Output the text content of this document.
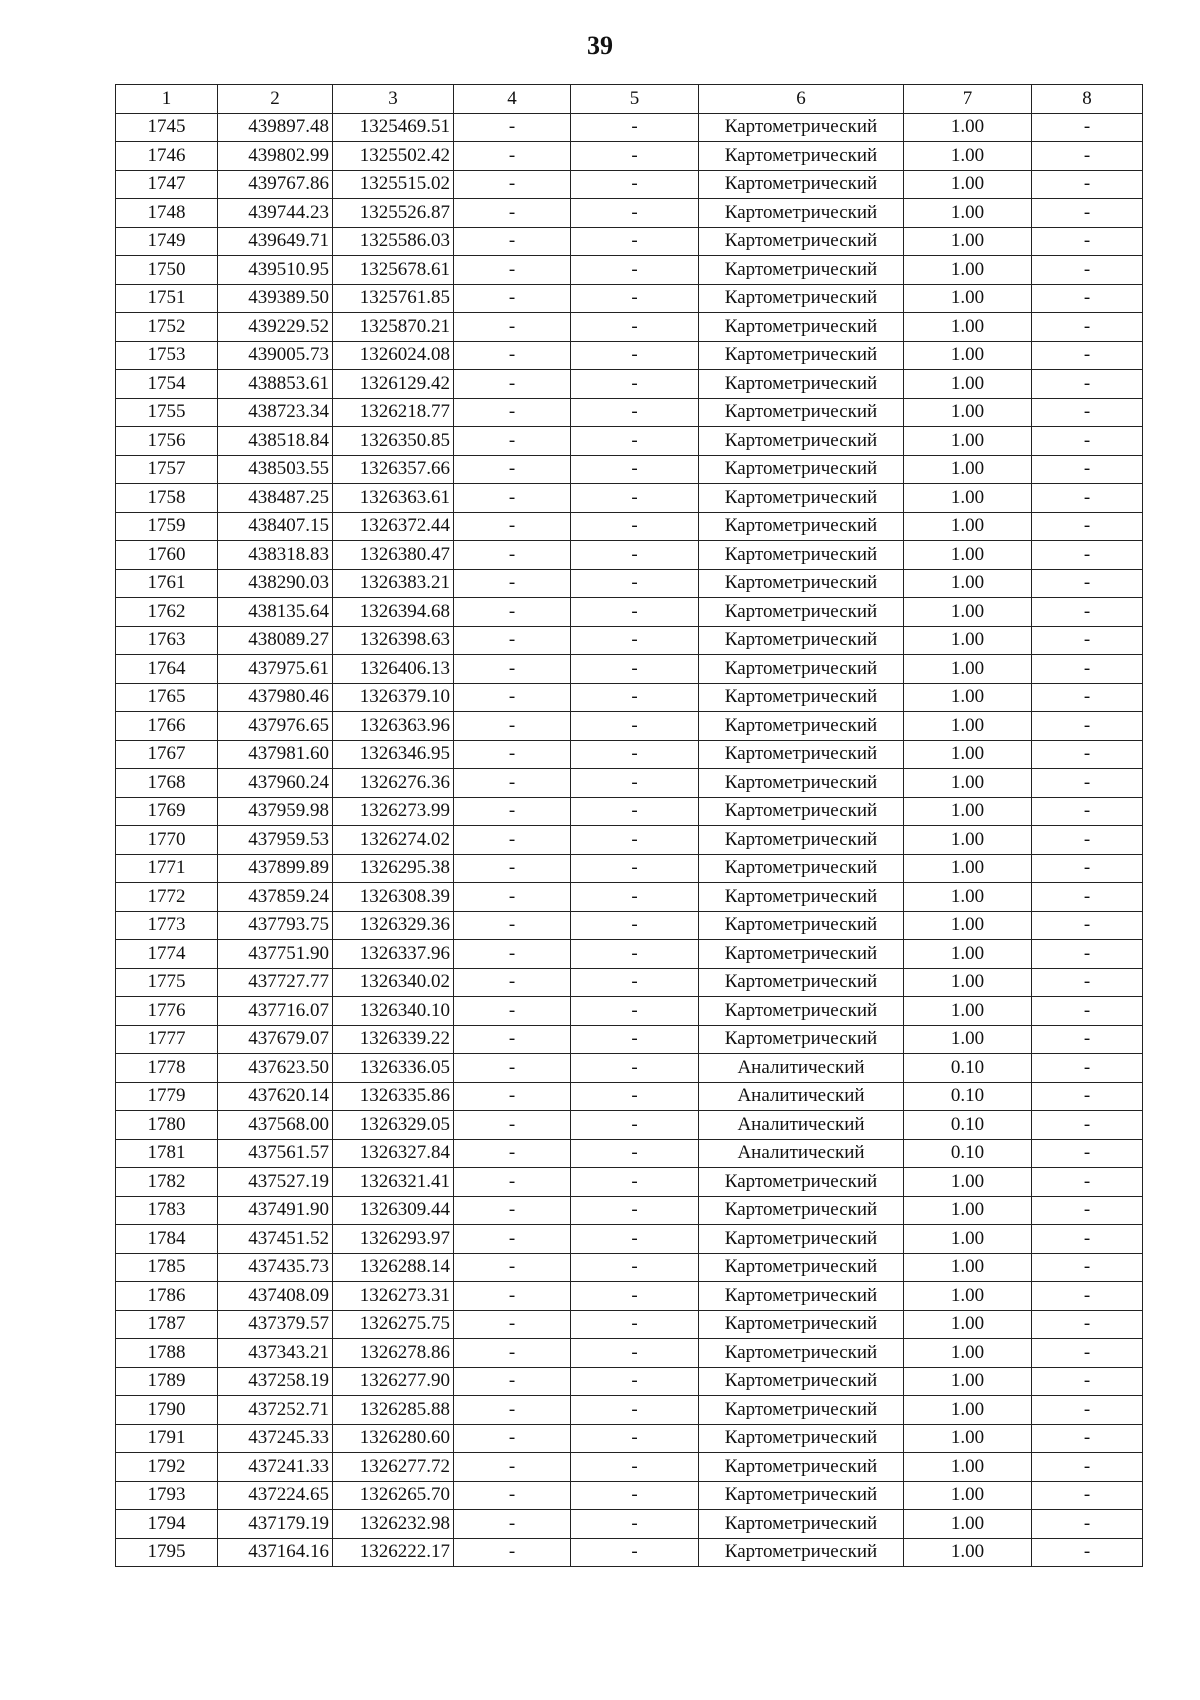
39
1	2	3	4	5	6	7	8
1745	439897.48	1325469.51	-	-	Картометрический	1.00	-
1746	439802.99	1325502.42	-	-	Картометрический	1.00	-
1747	439767.86	1325515.02	-	-	Картометрический	1.00	-
1748	439744.23	1325526.87	-	-	Картометрический	1.00	-
1749	439649.71	1325586.03	-	-	Картометрический	1.00	-
1750	439510.95	1325678.61	-	-	Картометрический	1.00	-
1751	439389.50	1325761.85	-	-	Картометрический	1.00	-
1752	439229.52	1325870.21	-	-	Картометрический	1.00	-
1753	439005.73	1326024.08	-	-	Картометрический	1.00	-
1754	438853.61	1326129.42	-	-	Картометрический	1.00	-
1755	438723.34	1326218.77	-	-	Картометрический	1.00	-
1756	438518.84	1326350.85	-	-	Картометрический	1.00	-
1757	438503.55	1326357.66	-	-	Картометрический	1.00	-
1758	438487.25	1326363.61	-	-	Картометрический	1.00	-
1759	438407.15	1326372.44	-	-	Картометрический	1.00	-
1760	438318.83	1326380.47	-	-	Картометрический	1.00	-
1761	438290.03	1326383.21	-	-	Картометрический	1.00	-
1762	438135.64	1326394.68	-	-	Картометрический	1.00	-
1763	438089.27	1326398.63	-	-	Картометрический	1.00	-
1764	437975.61	1326406.13	-	-	Картометрический	1.00	-
1765	437980.46	1326379.10	-	-	Картометрический	1.00	-
1766	437976.65	1326363.96	-	-	Картометрический	1.00	-
1767	437981.60	1326346.95	-	-	Картометрический	1.00	-
1768	437960.24	1326276.36	-	-	Картометрический	1.00	-
1769	437959.98	1326273.99	-	-	Картометрический	1.00	-
1770	437959.53	1326274.02	-	-	Картометрический	1.00	-
1771	437899.89	1326295.38	-	-	Картометрический	1.00	-
1772	437859.24	1326308.39	-	-	Картометрический	1.00	-
1773	437793.75	1326329.36	-	-	Картометрический	1.00	-
1774	437751.90	1326337.96	-	-	Картометрический	1.00	-
1775	437727.77	1326340.02	-	-	Картометрический	1.00	-
1776	437716.07	1326340.10	-	-	Картометрический	1.00	-
1777	437679.07	1326339.22	-	-	Картометрический	1.00	-
1778	437623.50	1326336.05	-	-	Аналитический	0.10	-
1779	437620.14	1326335.86	-	-	Аналитический	0.10	-
1780	437568.00	1326329.05	-	-	Аналитический	0.10	-
1781	437561.57	1326327.84	-	-	Аналитический	0.10	-
1782	437527.19	1326321.41	-	-	Картометрический	1.00	-
1783	437491.90	1326309.44	-	-	Картометрический	1.00	-
1784	437451.52	1326293.97	-	-	Картометрический	1.00	-
1785	437435.73	1326288.14	-	-	Картометрический	1.00	-
1786	437408.09	1326273.31	-	-	Картометрический	1.00	-
1787	437379.57	1326275.75	-	-	Картометрический	1.00	-
1788	437343.21	1326278.86	-	-	Картометрический	1.00	-
1789	437258.19	1326277.90	-	-	Картометрический	1.00	-
1790	437252.71	1326285.88	-	-	Картометрический	1.00	-
1791	437245.33	1326280.60	-	-	Картометрический	1.00	-
1792	437241.33	1326277.72	-	-	Картометрический	1.00	-
1793	437224.65	1326265.70	-	-	Картометрический	1.00	-
1794	437179.19	1326232.98	-	-	Картометрический	1.00	-
1795	437164.16	1326222.17	-	-	Картометрический	1.00	-
